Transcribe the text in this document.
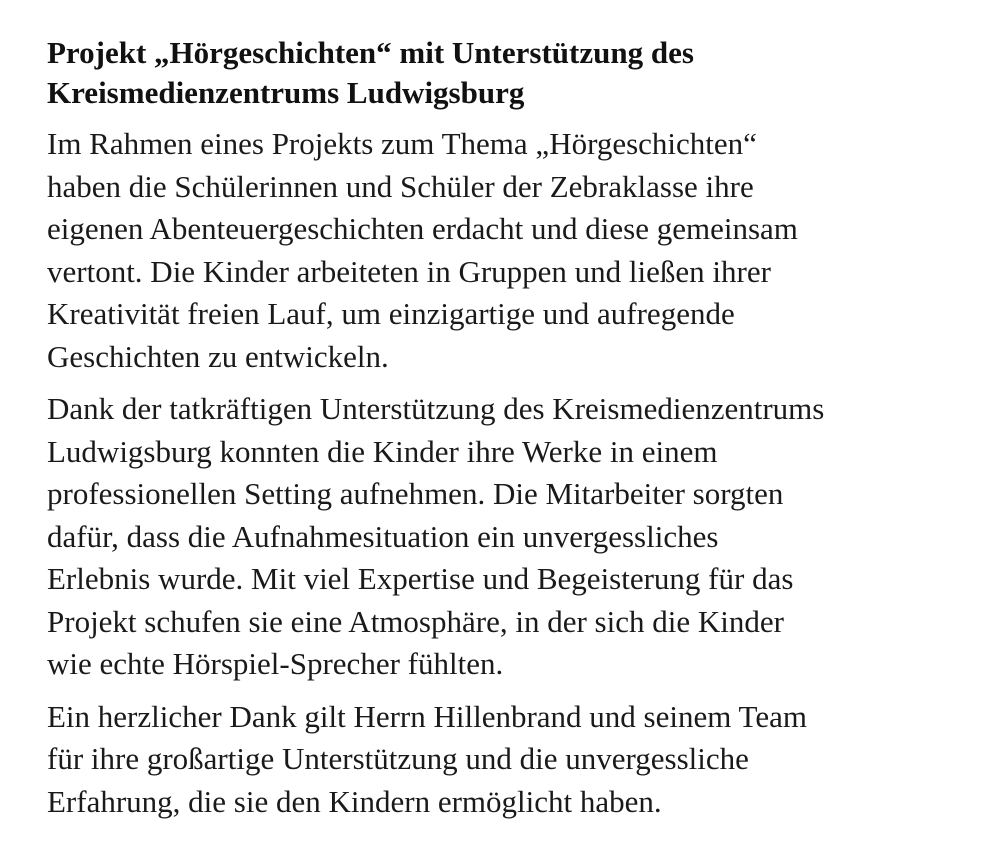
Projekt „Hörgeschichten“ mit Unterstützung des
Kreismedienzentrums Ludwigsburg

Im Rahmen eines Projekts zum Thema „Hörgeschichten“
haben die Schülerinnen und Schüler der Zebraklasse ihre
eigenen Abenteuergeschichten erdacht und diese gemeinsam
vertont. Die Kinder arbeiteten in Gruppen und ließen ihrer
Kreativität freien Lauf, um einzigartige und aufregende
Geschichten zu entwickeln.

Dank der tatkräftigen Unterstützung des Kreismedienzentrums
Ludwigsburg konnten die Kinder ihre Werke in einem
professionellen Setting aufnehmen. Die Mitarbeiter sorgten
dafür, dass die Aufnahmesituation ein unvergessliches
Erlebnis wurde. Mit viel Expertise und Begeisterung für das
Projekt schufen sie eine Atmosphäre, in der sich die Kinder
wie echte Hörspiel-Sprecher fühlten.

Ein herzlicher Dank gilt Herrn Hillenbrand und seinem Team
für ihre großartige Unterstützung und die unvergessliche
Erfahrung, die sie den Kindern ermöglicht haben.
